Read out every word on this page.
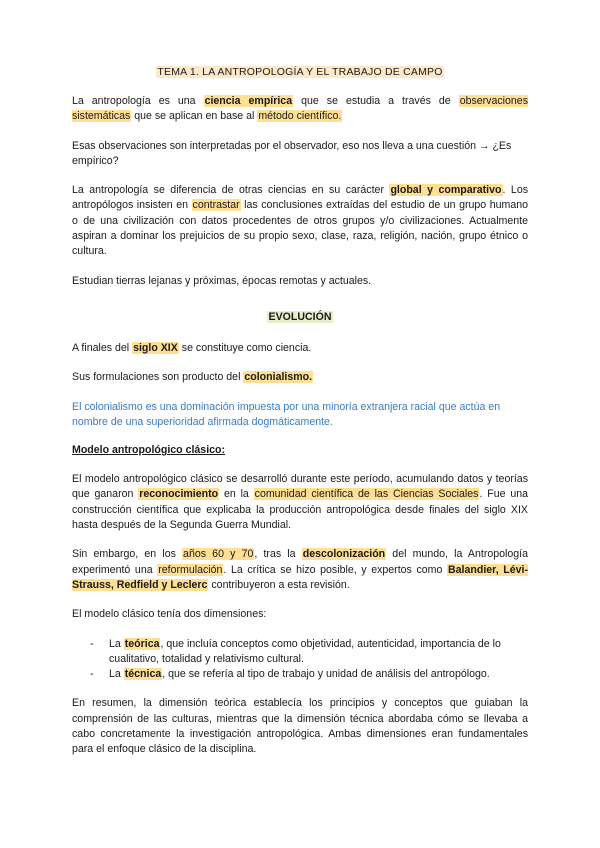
TEMA 1. LA ANTROPOLOGÍA Y EL TRABAJO DE CAMPO

La antropología es una ciencia empírica que se estudia a través de observaciones sistemáticas que se aplican en base al método científico.

Esas observaciones son interpretadas por el observador, eso nos lleva a una cuestión → ¿Es empírico?

La antropología se diferencia de otras ciencias en su carácter global y comparativo. Los antropólogos insisten en contrastar las conclusiones extraídas del estudio de un grupo humano o de una civilización con datos procedentes de otros grupos y/o civilizaciones. Actualmente aspiran a dominar los prejuicios de su propio sexo, clase, raza, religión, nación, grupo étnico o cultura.

Estudian tierras lejanas y próximas, épocas remotas y actuales.

EVOLUCIÓN

A finales del siglo XIX se constituye como ciencia.

Sus formulaciones son producto del colonialismo.

El colonialismo es una dominación impuesta por una minoría extranjera racial que actúa en nombre de una superioridad afirmada dogmáticamente.

Modelo antropológico clásico:

El modelo antropológico clásico se desarrolló durante este período, acumulando datos y teorías que ganaron reconocimiento en la comunidad científica de las Ciencias Sociales. Fue una construcción científica que explicaba la producción antropológica desde finales del siglo XIX hasta después de la Segunda Guerra Mundial.

Sin embargo, en los años 60 y 70, tras la descolonización del mundo, la Antropología experimentó una reformulación. La crítica se hizo posible, y expertos como Balandier, Lévi-Strauss, Redfield y Leclerc contribuyeron a esta revisión.

El modelo clásico tenía dos dimensiones:

- La teórica, que incluía conceptos como objetividad, autenticidad, importancia de lo cualitativo, totalidad y relativismo cultural.
- La técnica, que se refería al tipo de trabajo y unidad de análisis del antropólogo.

En resumen, la dimensión teórica establecía los principios y conceptos que guiaban la comprensión de las culturas, mientras que la dimensión técnica abordaba cómo se llevaba a cabo concretamente la investigación antropológica. Ambas dimensiones eran fundamentales para el enfoque clásico de la disciplina.
